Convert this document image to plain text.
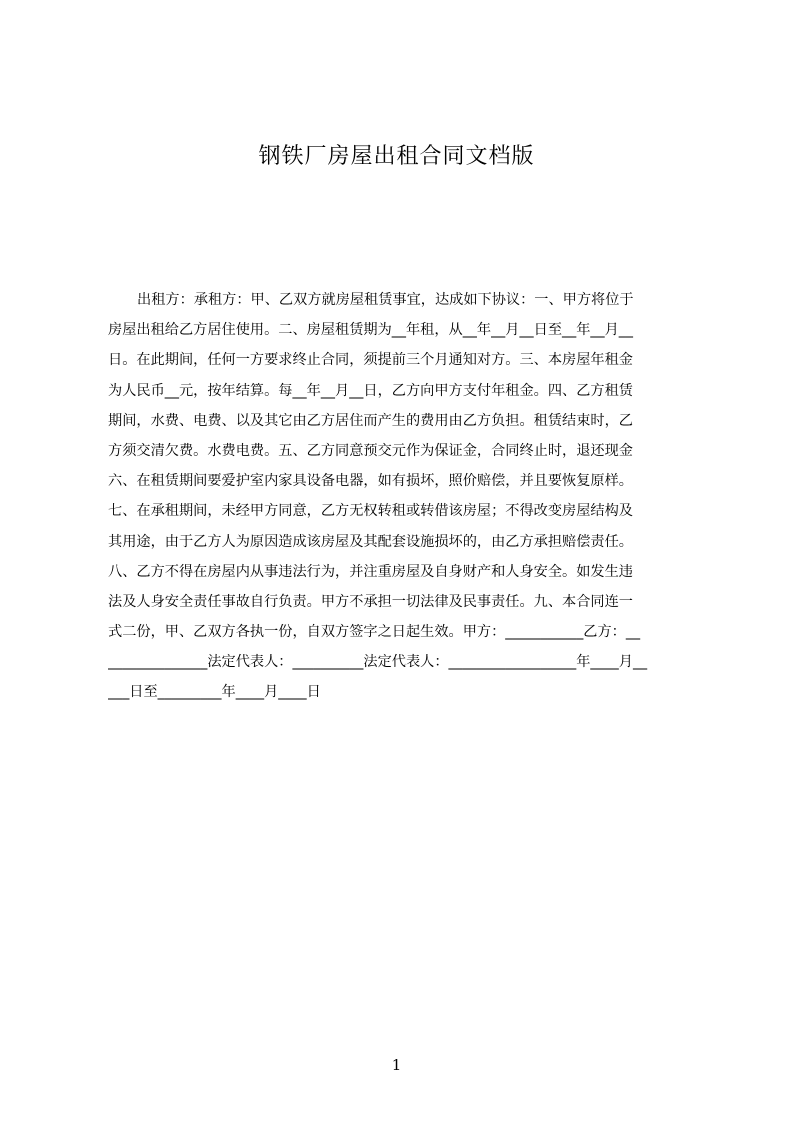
钢铁厂房屋出租合同文档版
出租方：承租方：甲、乙双方就房屋租赁事宜，达成如下协议：一、甲方将位于
房屋出租给乙方居住使用。二、房屋租赁期为__年租，从__年__月__日至__年__月__
日。在此期间，任何一方要求终止合同，须提前三个月通知对方。三、本房屋年租金
为人民币__元，按年结算。每__年__月__日，乙方向甲方支付年租金。四、乙方租赁
期间，水费、电费、以及其它由乙方居住而产生的费用由乙方负担。租赁结束时，乙
方须交清欠费。水费电费。五、乙方同意预交元作为保证金，合同终止时，退还现金
六、在租赁期间要爱护室内家具设备电器，如有损坏，照价赔偿，并且要恢复原样。
七、在承租期间，未经甲方同意，乙方无权转租或转借该房屋；不得改变房屋结构及
其用途，由于乙方人为原因造成该房屋及其配套设施损坏的，由乙方承担赔偿责任。
八、乙方不得在房屋内从事违法行为，并注重房屋及自身财产和人身安全。如发生违
法及人身安全责任事故自行负责。甲方不承担一切法律及民事责任。九、本合同连一
式二份，甲、乙双方各执一份，自双方签字之日起生效。甲方：___________乙方：__
______________法定代表人：__________法定代表人：__________________年____月__
___日至_________年____月____日
1
